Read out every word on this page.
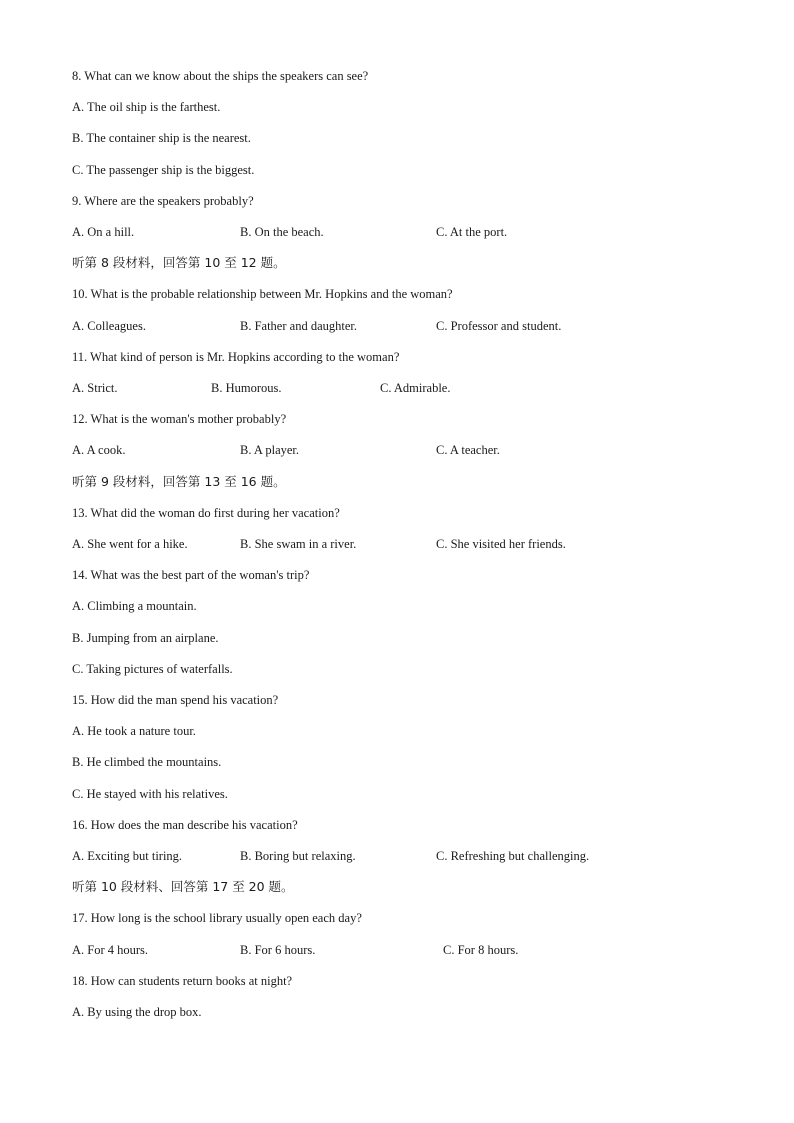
8. What can we know about the ships the speakers can see?
A. The oil ship is the farthest.
B. The container ship is the nearest.
C. The passenger ship is the biggest.
9. Where are the speakers probably?
A. On a hill.	B. On the beach.	C. At the port.
听第 8 段材料，回答第 10 至 12 题。
10. What is the probable relationship between Mr. Hopkins and the woman?
A. Colleagues.	B. Father and daughter.	C. Professor and student.
11. What kind of person is Mr. Hopkins according to the woman?
A. Strict.	B. Humorous.	C. Admirable.
12. What is the woman's mother probably?
A. A cook.	B. A player.	C. A teacher.
听第 9 段材料，回答第 13 至 16 题。
13. What did the woman do first during her vacation?
A. She went for a hike.	B. She swam in a river.	C. She visited her friends.
14. What was the best part of the woman's trip?
A. Climbing a mountain.
B. Jumping from an airplane.
C. Taking pictures of waterfalls.
15. How did the man spend his vacation?
A. He took a nature tour.
B. He climbed the mountains.
C. He stayed with his relatives.
16. How does the man describe his vacation?
A. Exciting but tiring.	B. Boring but relaxing.	C. Refreshing but challenging.
听第 10 段材料、回答第 17 至 20 题。
17. How long is the school library usually open each day?
A. For 4 hours.	B. For 6 hours.	C. For 8 hours.
18. How can students return books at night?
A. By using the drop box.
